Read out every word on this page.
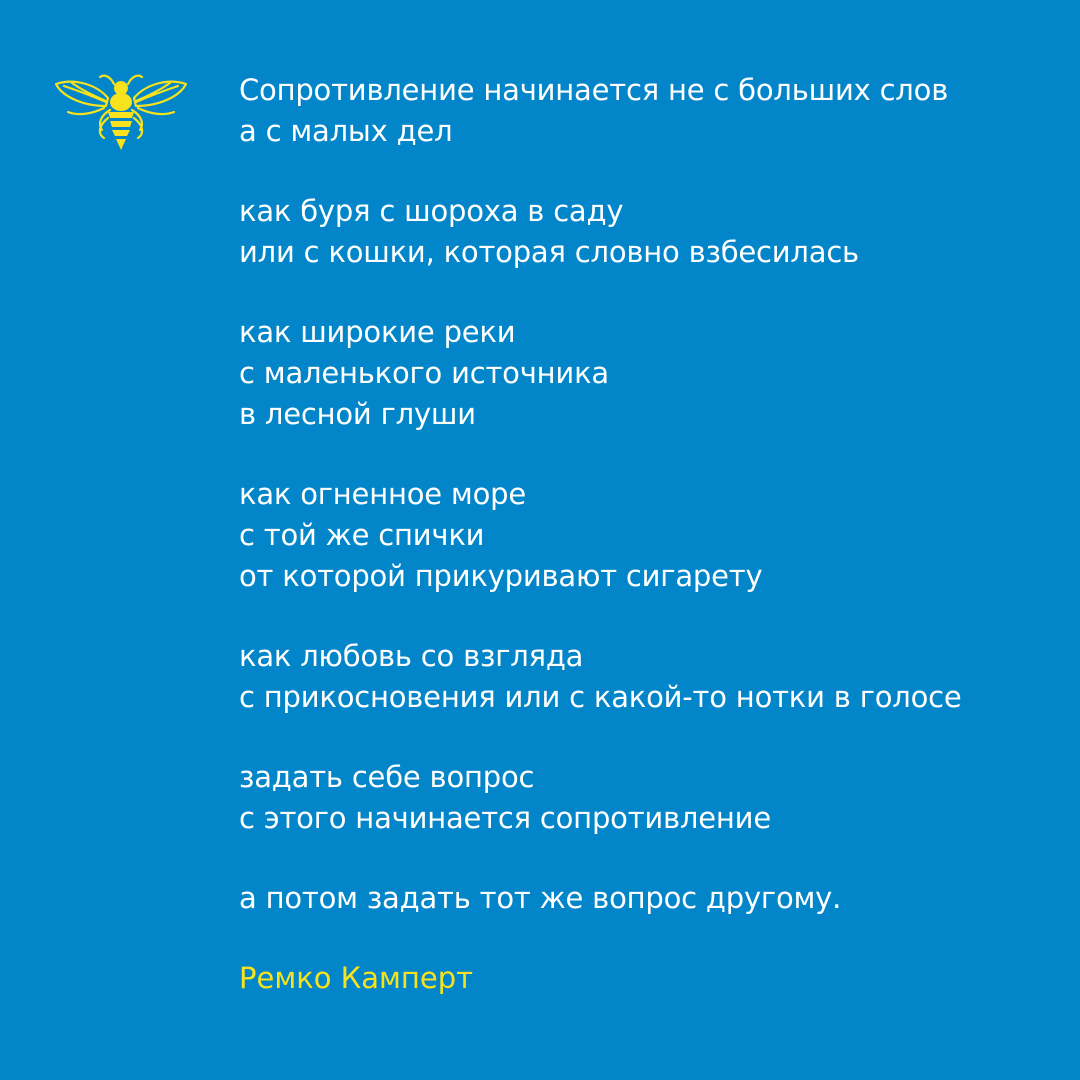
Сопротивление начинается не с больших слов
а с малых дел
как буря с шороха в саду
или с кошки, которая словно взбесилась
как широкие реки
с маленького источника
в лесной глуши
как огненное море
с той же спички
от которой прикуривают сигарету
как любовь со взгляда
с прикосновения или с какой-то нотки в голосе
задать себе вопрос
с этого начинается сопротивление
а потом задать тот же вопрос другому.
Ремко Камперт
